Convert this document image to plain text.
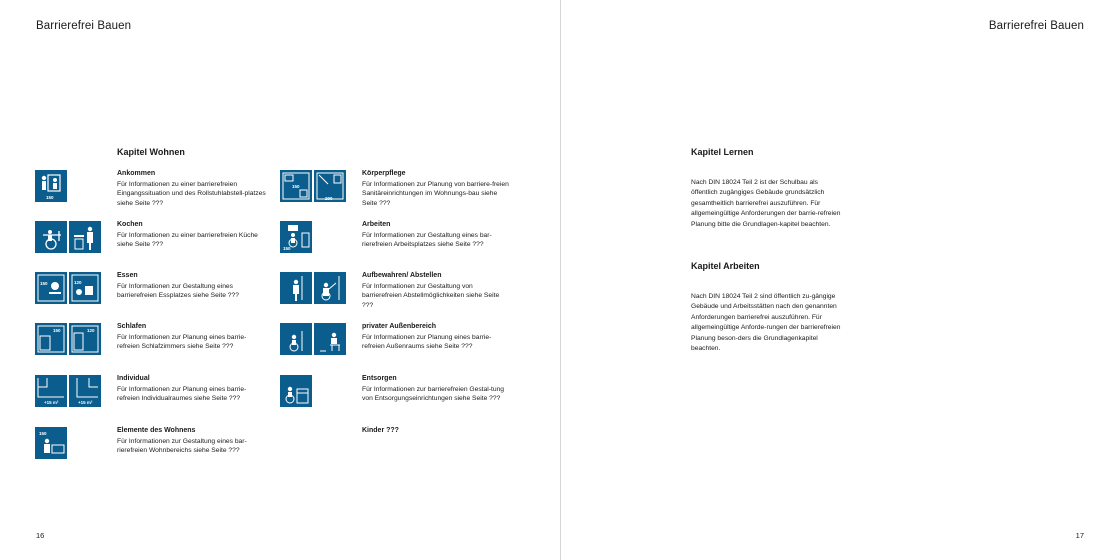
Barrierefrei Bauen
Kapitel Wohnen
150
Ankommen
Für Informationen zu einer barrierefreien Eingangssituation und des Rollstuhlabstell-platzes siehe Seite ???
Kochen
Für Informationen zu einer barrierefreien Küche siehe Seite ???
150	120
Essen
Für Informationen zur Gestaltung eines barrierefreien Essplatzes siehe Seite ???
150	120
Schlafen
Für Informationen zur Planung eines barrie-refreien Schlafzimmers siehe Seite ???
+15 m²	+15 m²
Individual
Für Informationen zur Planung eines barrie-refreien Individualraumes siehe Seite ???
150	Elemente des Wohnens
Für Informationen zur Gestaltung eines bar-rierefreien Wohnbereichs siehe Seite ???
150
200
Körperpflege
Für Informationen zur Planung von barriere-freien Sanitäreinrichtungen im Wohnungs-bau siehe Seite ???
150
Arbeiten
Für Informationen zur Gestaltung eines bar-rierefreien Arbeitsplatzes siehe Seite ???
Aufbewahren/ Abstellen
Für Informationen zur Gestaltung von barrierefreien Abstellmöglichkeiten siehe Seite ???
privater Außenbereich
Für Informationen zur Planung eines barrie-refreien Außenraums siehe Seite ???
Entsorgen
Für Informationen zur barrierefreien Gestal-tung von Entsorgungseinrichtungen siehe Seite ???
Kinder ???
16
Barrierefrei Bauen
Kapitel Lernen
Nach DIN 18024 Teil 2 ist der Schulbau als öffentlich zugängiges Gebäude grundsätzlich gesamtheitlich barrierefrei auszuführen. Für allgemeingültige Anforderungen der barrie-refreien Planung bitte die Grundlagen-kapitel beachten.
Kapitel Arbeiten
Nach DIN 18024 Teil 2 sind öffentlich zu-gängige Gebäude und Arbeitsstätten nach den genannten Anforderungen barrierefrei auszuführen. Für allgemeingültige Anforde-rungen der barrierefreien Planung beson-ders die Grundlagenkapitel beachten.
17
